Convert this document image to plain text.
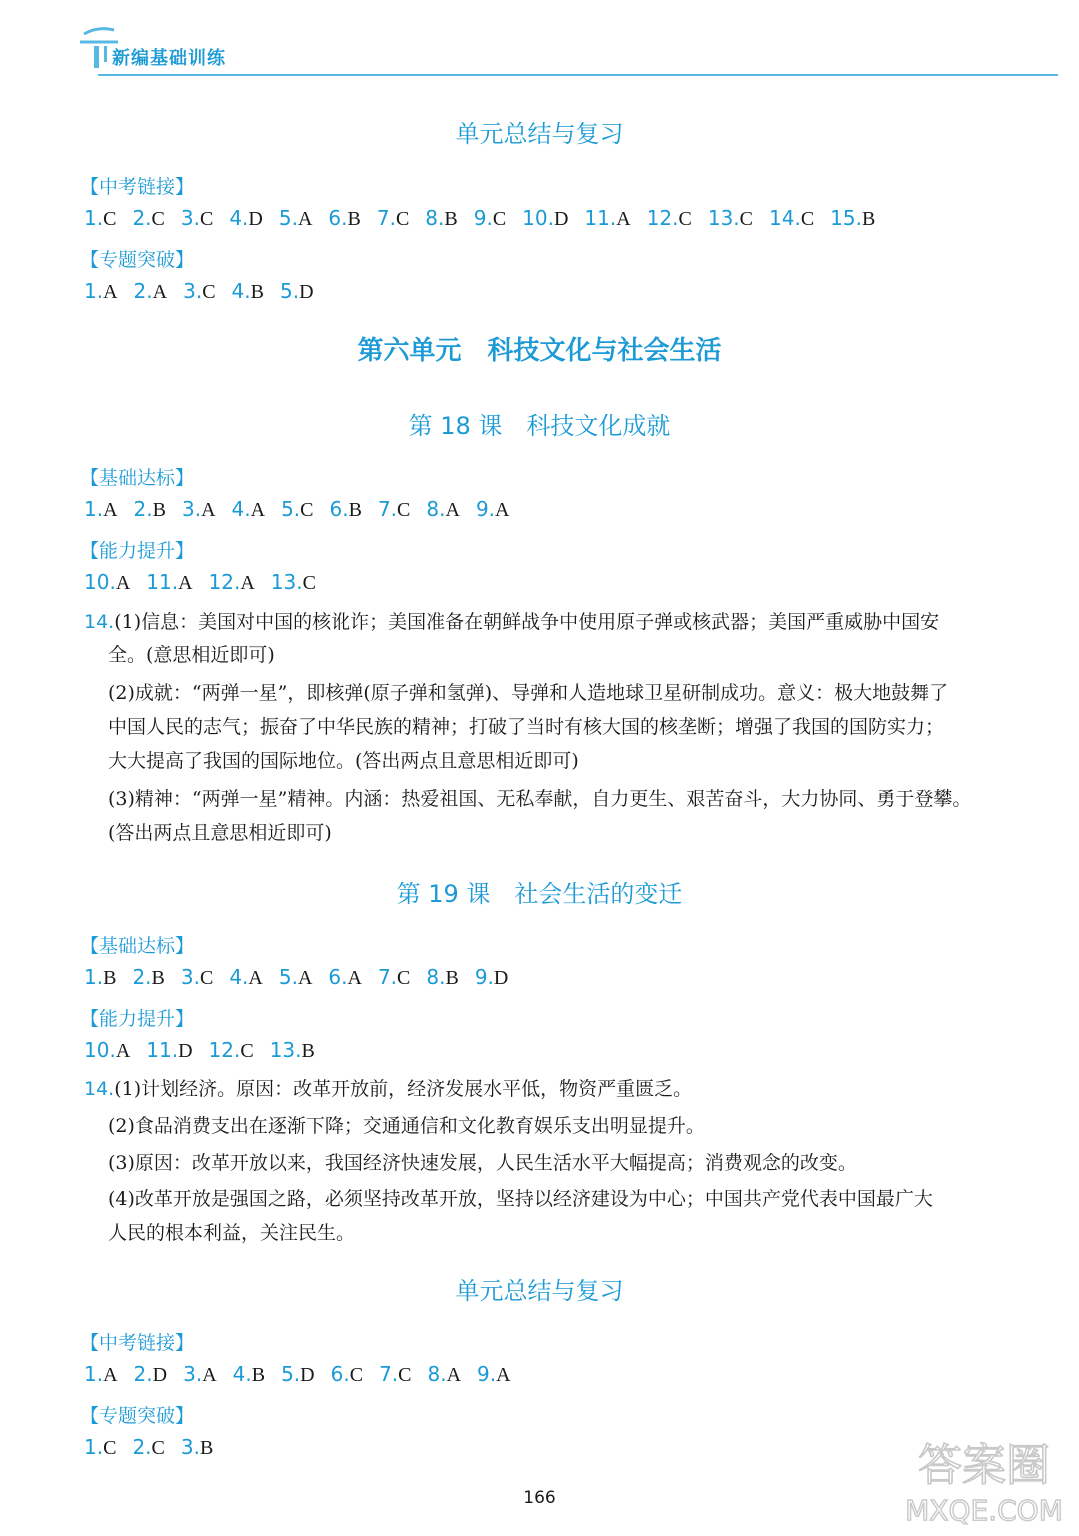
新编基础训练
单元总结与复习
【中考链接】
1.C 2.C 3.C 4.D 5.A 6.B 7.C 8.B 9.C 10.D 11.A 12.C 13.C 14.C 15.B
【专题突破】
1.A 2.A 3.C 4.B 5.D
第六单元　科技文化与社会生活
第 18 课　科技文化成就
【基础达标】
1.A 2.B 3.A 4.A 5.C 6.B 7.C 8.A 9.A
【能力提升】
10.A 11.A 12.A 13.C
14.(1)信息：美国对中国的核讹诈；美国准备在朝鲜战争中使用原子弹或核武器；美国严重威胁中国安
全。(意思相近即可)
(2)成就：“两弹一星”，即核弹(原子弹和氢弹)、导弹和人造地球卫星研制成功。意义：极大地鼓舞了
中国人民的志气；振奋了中华民族的精神；打破了当时有核大国的核垄断；增强了我国的国防实力；
大大提高了我国的国际地位。(答出两点且意思相近即可)
(3)精神：“两弹一星”精神。内涵：热爱祖国、无私奉献，自力更生、艰苦奋斗，大力协同、勇于登攀。
(答出两点且意思相近即可)
第 19 课　社会生活的变迁
【基础达标】
1.B 2.B 3.C 4.A 5.A 6.A 7.C 8.B 9.D
【能力提升】
10.A 11.D 12.C 13.B
14.(1)计划经济。原因：改革开放前，经济发展水平低，物资严重匮乏。
(2)食品消费支出在逐渐下降；交通通信和文化教育娱乐支出明显提升。
(3)原因：改革开放以来，我国经济快速发展，人民生活水平大幅提高；消费观念的改变。
(4)改革开放是强国之路，必须坚持改革开放，坚持以经济建设为中心；中国共产党代表中国最广大
人民的根本利益，关注民生。
单元总结与复习
【中考链接】
1.A 2.D 3.A 4.B 5.D 6.C 7.C 8.A 9.A
【专题突破】
1.C 2.C 3.B
166
答案圈
MXQE.COM
